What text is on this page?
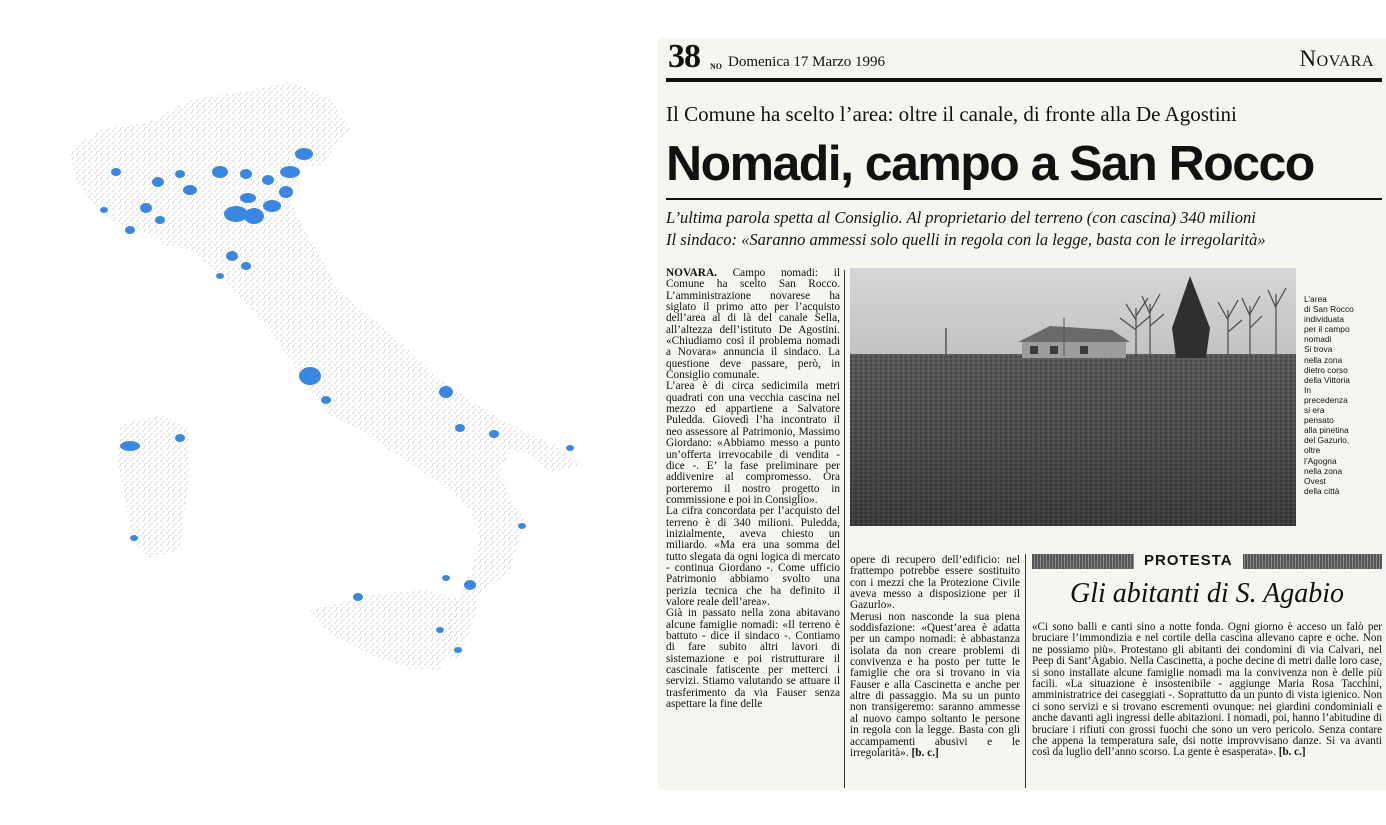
38 NO Domenica 17 Marzo 1996	Novara
Il Comune ha scelto l’area: oltre il canale, di fronte alla De Agostini
Nomadi, campo a San Rocco
L’ultima parola spetta al Consiglio. Al proprietario del terreno (con cascina) 340 milioni
Il sindaco: «Saranno ammessi solo quelli in regola con la legge, basta con le irregolarità»
NOVARA. Campo nomadi: il Comune ha scelto San Rocco. L’amministrazione novarese ha siglato il primo atto per l’acquisto dell’area al di là del canale Sella, all’altezza dell’istituto De Agostini. «Chiudiamo così il problema nomadi a Novara» annuncia il sindaco. La questione deve passare, però, in Consiglio comunale.
L’area è di circa sedicimila metri quadrati con una vecchia cascina nel mezzo ed appartiene a Salvatore Puledda. Giovedì l’ha incontrato il neo assessore al Patrimonio, Massimo Giordano: «Abbiamo messo a punto un’offerta irrevocabile di vendita - dice -. E’ la fase preliminare per addivenire al compromesso. Ora porteremo il nostro progetto in commissione e poi in Consiglio».
La cifra concordata per l’acquisto del terreno è di 340 milioni. Puledda, inizialmente, aveva chiesto un miliardo. «Ma era una somma del tutto slegata da ogni logica di mercato - continua Giordano -. Come ufficio Patrimonio abbiamo svolto una perizia tecnica che ha definito il valore reale dell’area».
Già in passato nella zona abitavano alcune famiglie nomadi: «Il terreno è battuto - dice il sindaco -. Contiamo di fare subito altri lavori di sistemazione e poi ristrutturare il cascinale fatiscente per metterci i servizi. Stiamo valutando se attuare il trasferimento da via Fauser senza aspettare la fine delle
L’area
di San Rocco
individuata
per il campo
nomadi
Si trova
nella zona
dietro corso
della Vittoria
In
precedenza
si era
pensato
alla pinetina
del Gazurlo,
oltre
l’Agogna
nella zona
Ovest
della città
opere di recupero dell’edificio: nel frattempo potrebbe essere sostituito con i mezzi che la Protezione Civile aveva messo a disposizione per il Gazurlo».
Merusi non nasconde la sua piena soddisfazione: «Quest’area è adatta per un campo nomadi: è abbastanza isolata da non creare problemi di convivenza e ha posto per tutte le famiglie che ora si trovano in via Fauser e alla Cascinetta e anche per altre di passaggio. Ma su un punto non transigeremo: saranno ammesse al nuovo campo soltanto le persone in regola con la legge. Basta con gli accampamenti abusivi e le irregolarità». [b. c.]
PROTESTA
Gli abitanti di S. Agabio
«Ci sono balli e canti sino a notte fonda. Ogni giorno è acceso un falò per bruciare l’immondizia e nel cortile della cascina allevano capre e oche. Non ne possiamo più». Protestano gli abitanti dei condomini di via Calvari, nel Peep di Sant’Agabio. Nella Cascinetta, a poche decine di metri dalle loro case, si sono installate alcune famiglie nomadi ma la convivenza non è delle più facili. «La situazione è insostenibile - aggiunge Maria Rosa Tacchini, amministratrice dei caseggiati -. Soprattutto da un punto di vista igienico. Non ci sono servizi e si trovano escrementi ovunque: nei giardini condominiali e anche davanti agli ingressi delle abitazioni. I nomadi, poi, hanno l’abitudine di bruciare i rifiuti con grossi fuochi che sono un vero pericolo. Senza contare che appena la temperatura sale, dsi notte improvvisano danze. Si va avanti così da luglio dell’anno scorso. La gente è esasperata». [b. c.]
